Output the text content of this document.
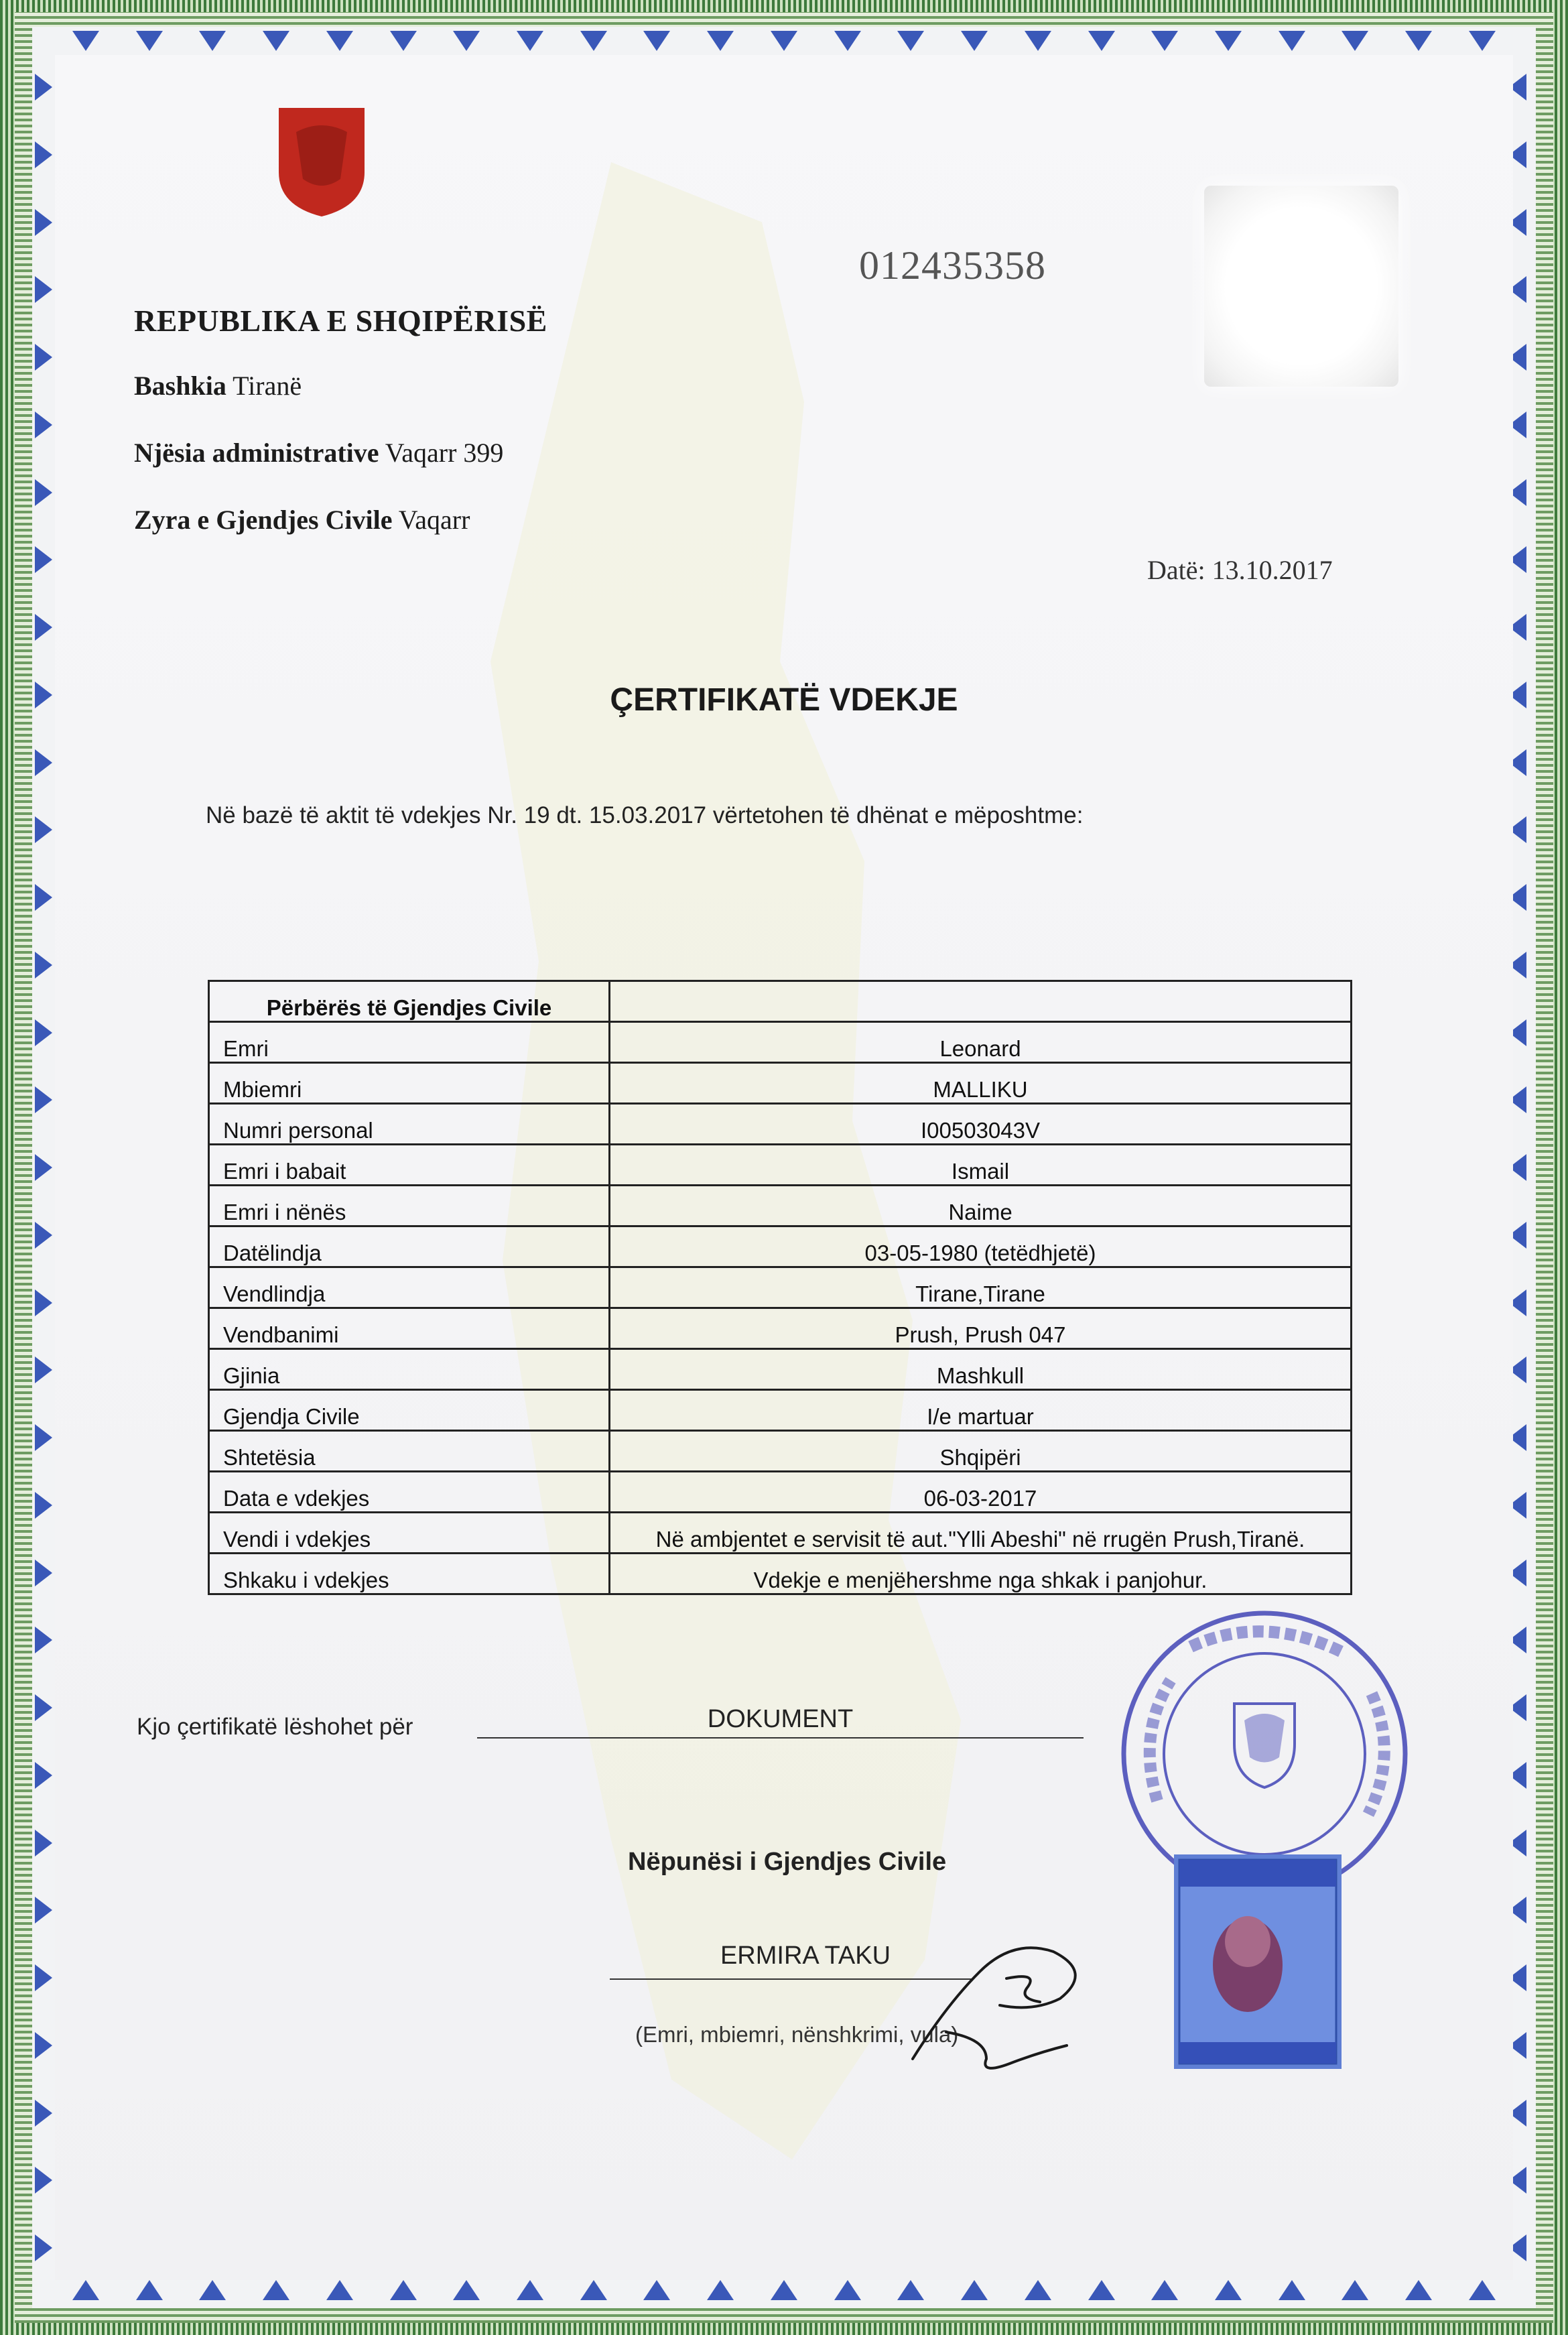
012435358
REPUBLIKA E SHQIPËRISË
Bashkia Tiranë
Njësia administrative Vaqarr 399
Zyra e Gjendjes Civile Vaqarr
Datë: 13.10.2017
ÇERTIFIKATË VDEKJE
Në bazë të aktit të vdekjes Nr. 19 dt. 15.03.2017 vërtetohen të dhënat e mëposhtme:
Përbërës të Gjendjes Civile	
Emri	Leonard
Mbiemri	MALLIKU
Numri personal	I00503043V
Emri i babait	Ismail
Emri i nënës	Naime
Datëlindja	03-05-1980 (tetëdhjetë)
Vendlindja	Tirane,Tirane
Vendbanimi	Prush, Prush 047
Gjinia	Mashkull
Gjendja Civile	I/e martuar
Shtetësia	Shqipëri
Data e vdekjes	06-03-2017
Vendi i vdekjes	Në ambjentet e servisit të aut."Ylli Abeshi" në rrugën Prush,Tiranë.
Shkaku i vdekjes	Vdekje e menjëhershme nga shkak i panjohur.
Kjo çertifikatë lëshohet për	DOKUMENT
Nëpunësi i Gjendjes Civile
ERMIRA TAKU
(Emri, mbiemri, nënshkrimi, vula)
